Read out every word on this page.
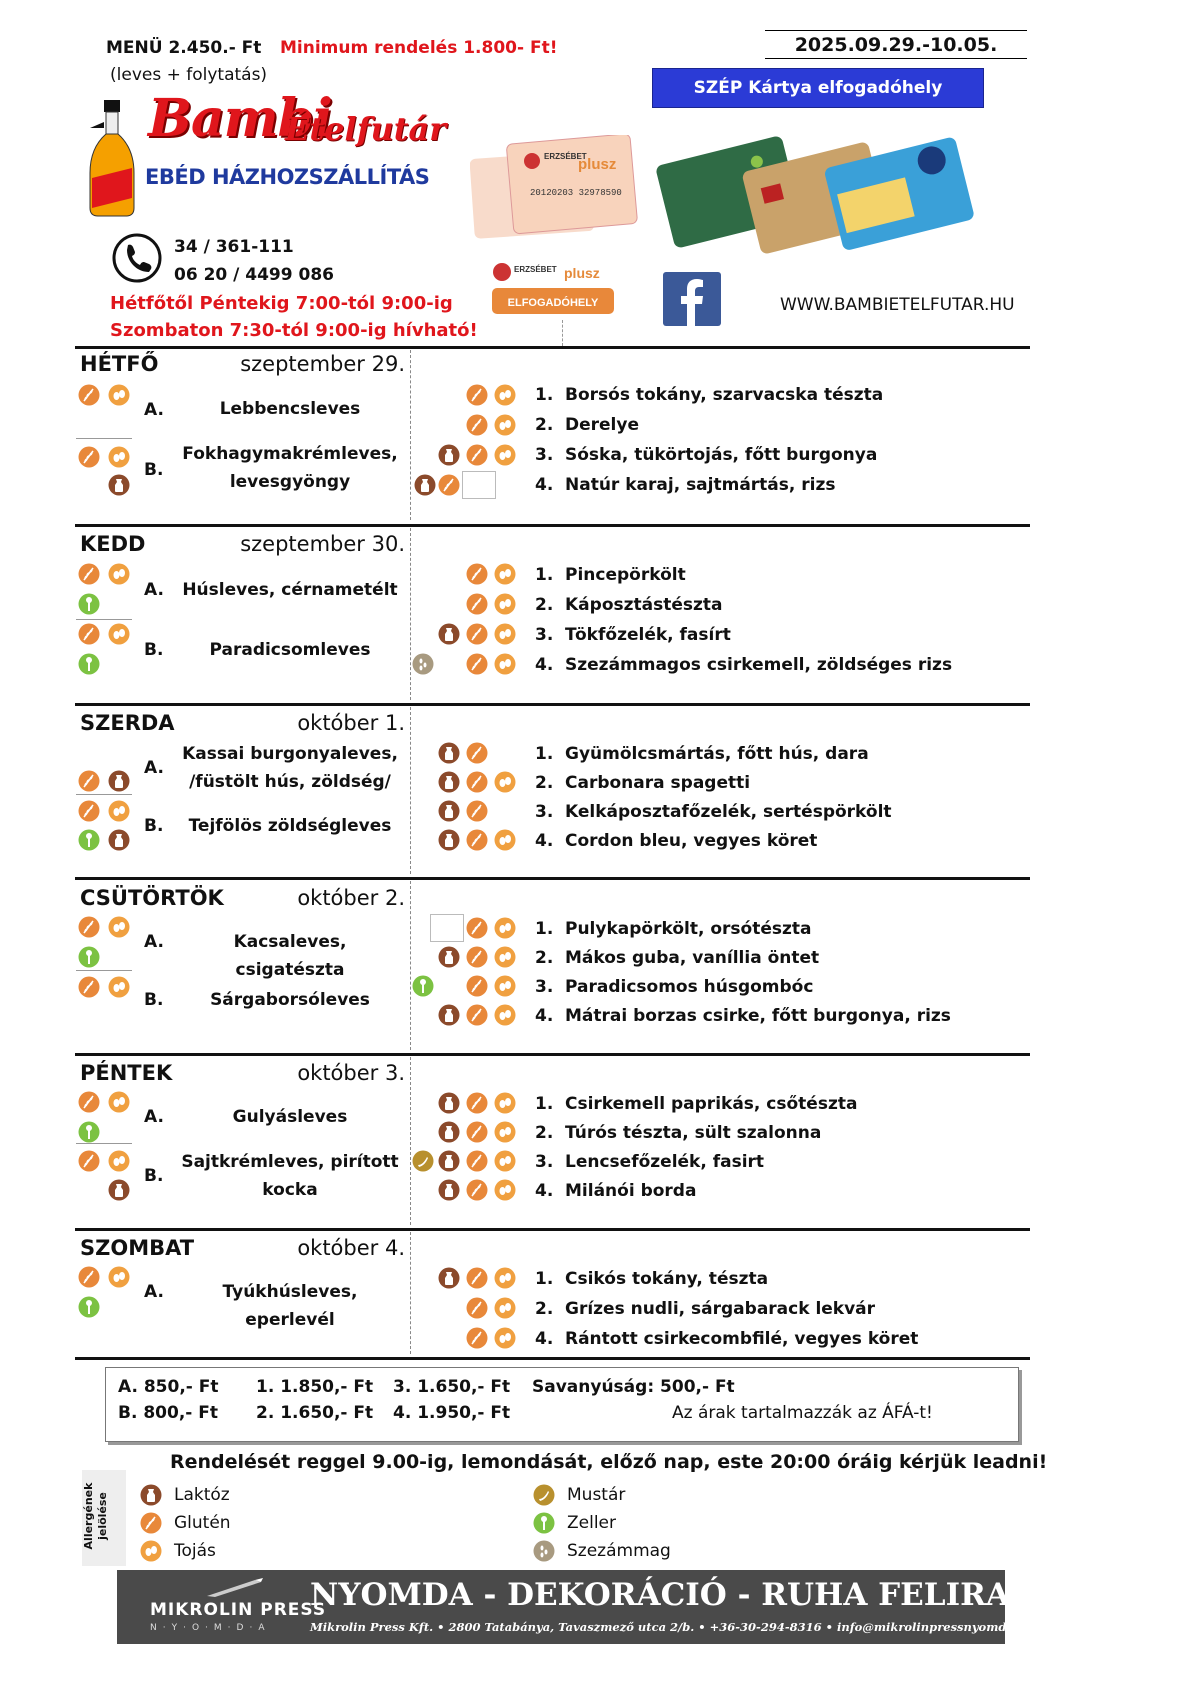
MENÜ 2.450.- Ft Minimum rendelés 1.800- Ft!
(leves + folytatás)
2025.09.29.-10.05.
SZÉP Kártya elfogadóhely
Bambi
Ételfutár
EBÉD HÁZHOZSZÁLLÍTÁS
34 / 361-111
06 20 / 4499 086
Hétfőtől Péntekig 7:00-tól 9:00-ig
Szombaton 7:30-tól 9:00-ig hívható!
ERZSÉBET
plusz
20120203 32978590
ERZSÉBET plusz
ELFOGADÓHELY	WWW.BAMBIETELFUTAR.HU
HÉTFŐ	szeptember 29.
A.	Lebbencsleves
B.
Fokhagymakrémleves, levesgyöngy
1. Borsós tokány, szarvacska tészta
2. Derelye
3. Sóska, tükörtojás, főtt burgonya
4. Natúr karaj, sajtmártás, rizs
KEDD	szeptember 30.
A. Húsleves, cérnametélt
B.	Paradicsomleves
1. Pincepörkölt
2. Káposztástészta
3. Tökfőzelék, fasírt
4. Szezámmagos csirkemell, zöldséges rizs
SZERDA	október 1.
A.
Kassai burgonyaleves, /füstölt hús, zöldség/
B.	Tejfölös zöldségleves
1. Gyümölcsmártás, főtt hús, dara
2. Carbonara spagetti
3. Kelkáposztafőzelék, sertéspörkölt
4. Cordon bleu, vegyes köret
CSÜTÖRTÖK	október 2.
A.	Kacsaleves, csigatészta
B.	Sárgaborsóleves
1. Pulykapörkölt, orsótészta
2. Mákos guba, vaníllia öntet
3. Paradicsomos húsgombóc
4. Mátrai borzas csirke, főtt burgonya, rizs
PÉNTEK	október 3.
A.	Gulyásleves
B.
Sajtkrémleves, pirított kocka
1. Csirkemell paprikás, csőtészta
2. Túrós tészta, sült szalonna
3. Lencsefőzelék, fasirt
4. Milánói borda
SZOMBAT	október 4.
A.	Tyúkhúsleves, eperlevél
1. Csikós tokány, tészta
2. Grízes nudli, sárgabarack lekvár
4. Rántott csirkecombfilé, vegyes köret
A. 850,- Ft
B. 800,- Ft
1. 1.850,- Ft
2. 1.650,- Ft
3. 1.650,- Ft
4. 1.950,- Ft
Savanyúság: 500,- Ft
Az árak tartalmazzák az ÁFÁ-t!
Rendelését reggel 9.00-ig, lemondását, előző nap, este 20:00 óráig kérjük leadni!
Allergének jelölése	Laktóz
Glutén
Tojás
Mustár
Zeller
Szezámmag
MIKROLIN PRESS
N·Y·O·M·D·A
NYOMDA - DEKORÁCIÓ - RUHA FELIRATOZÁS
Mikrolin Press Kft. • 2800 Tatabánya, Tavaszmező utca 2/b. • +36-30-294-8316 • info@mikrolinpressnyomda.hu
